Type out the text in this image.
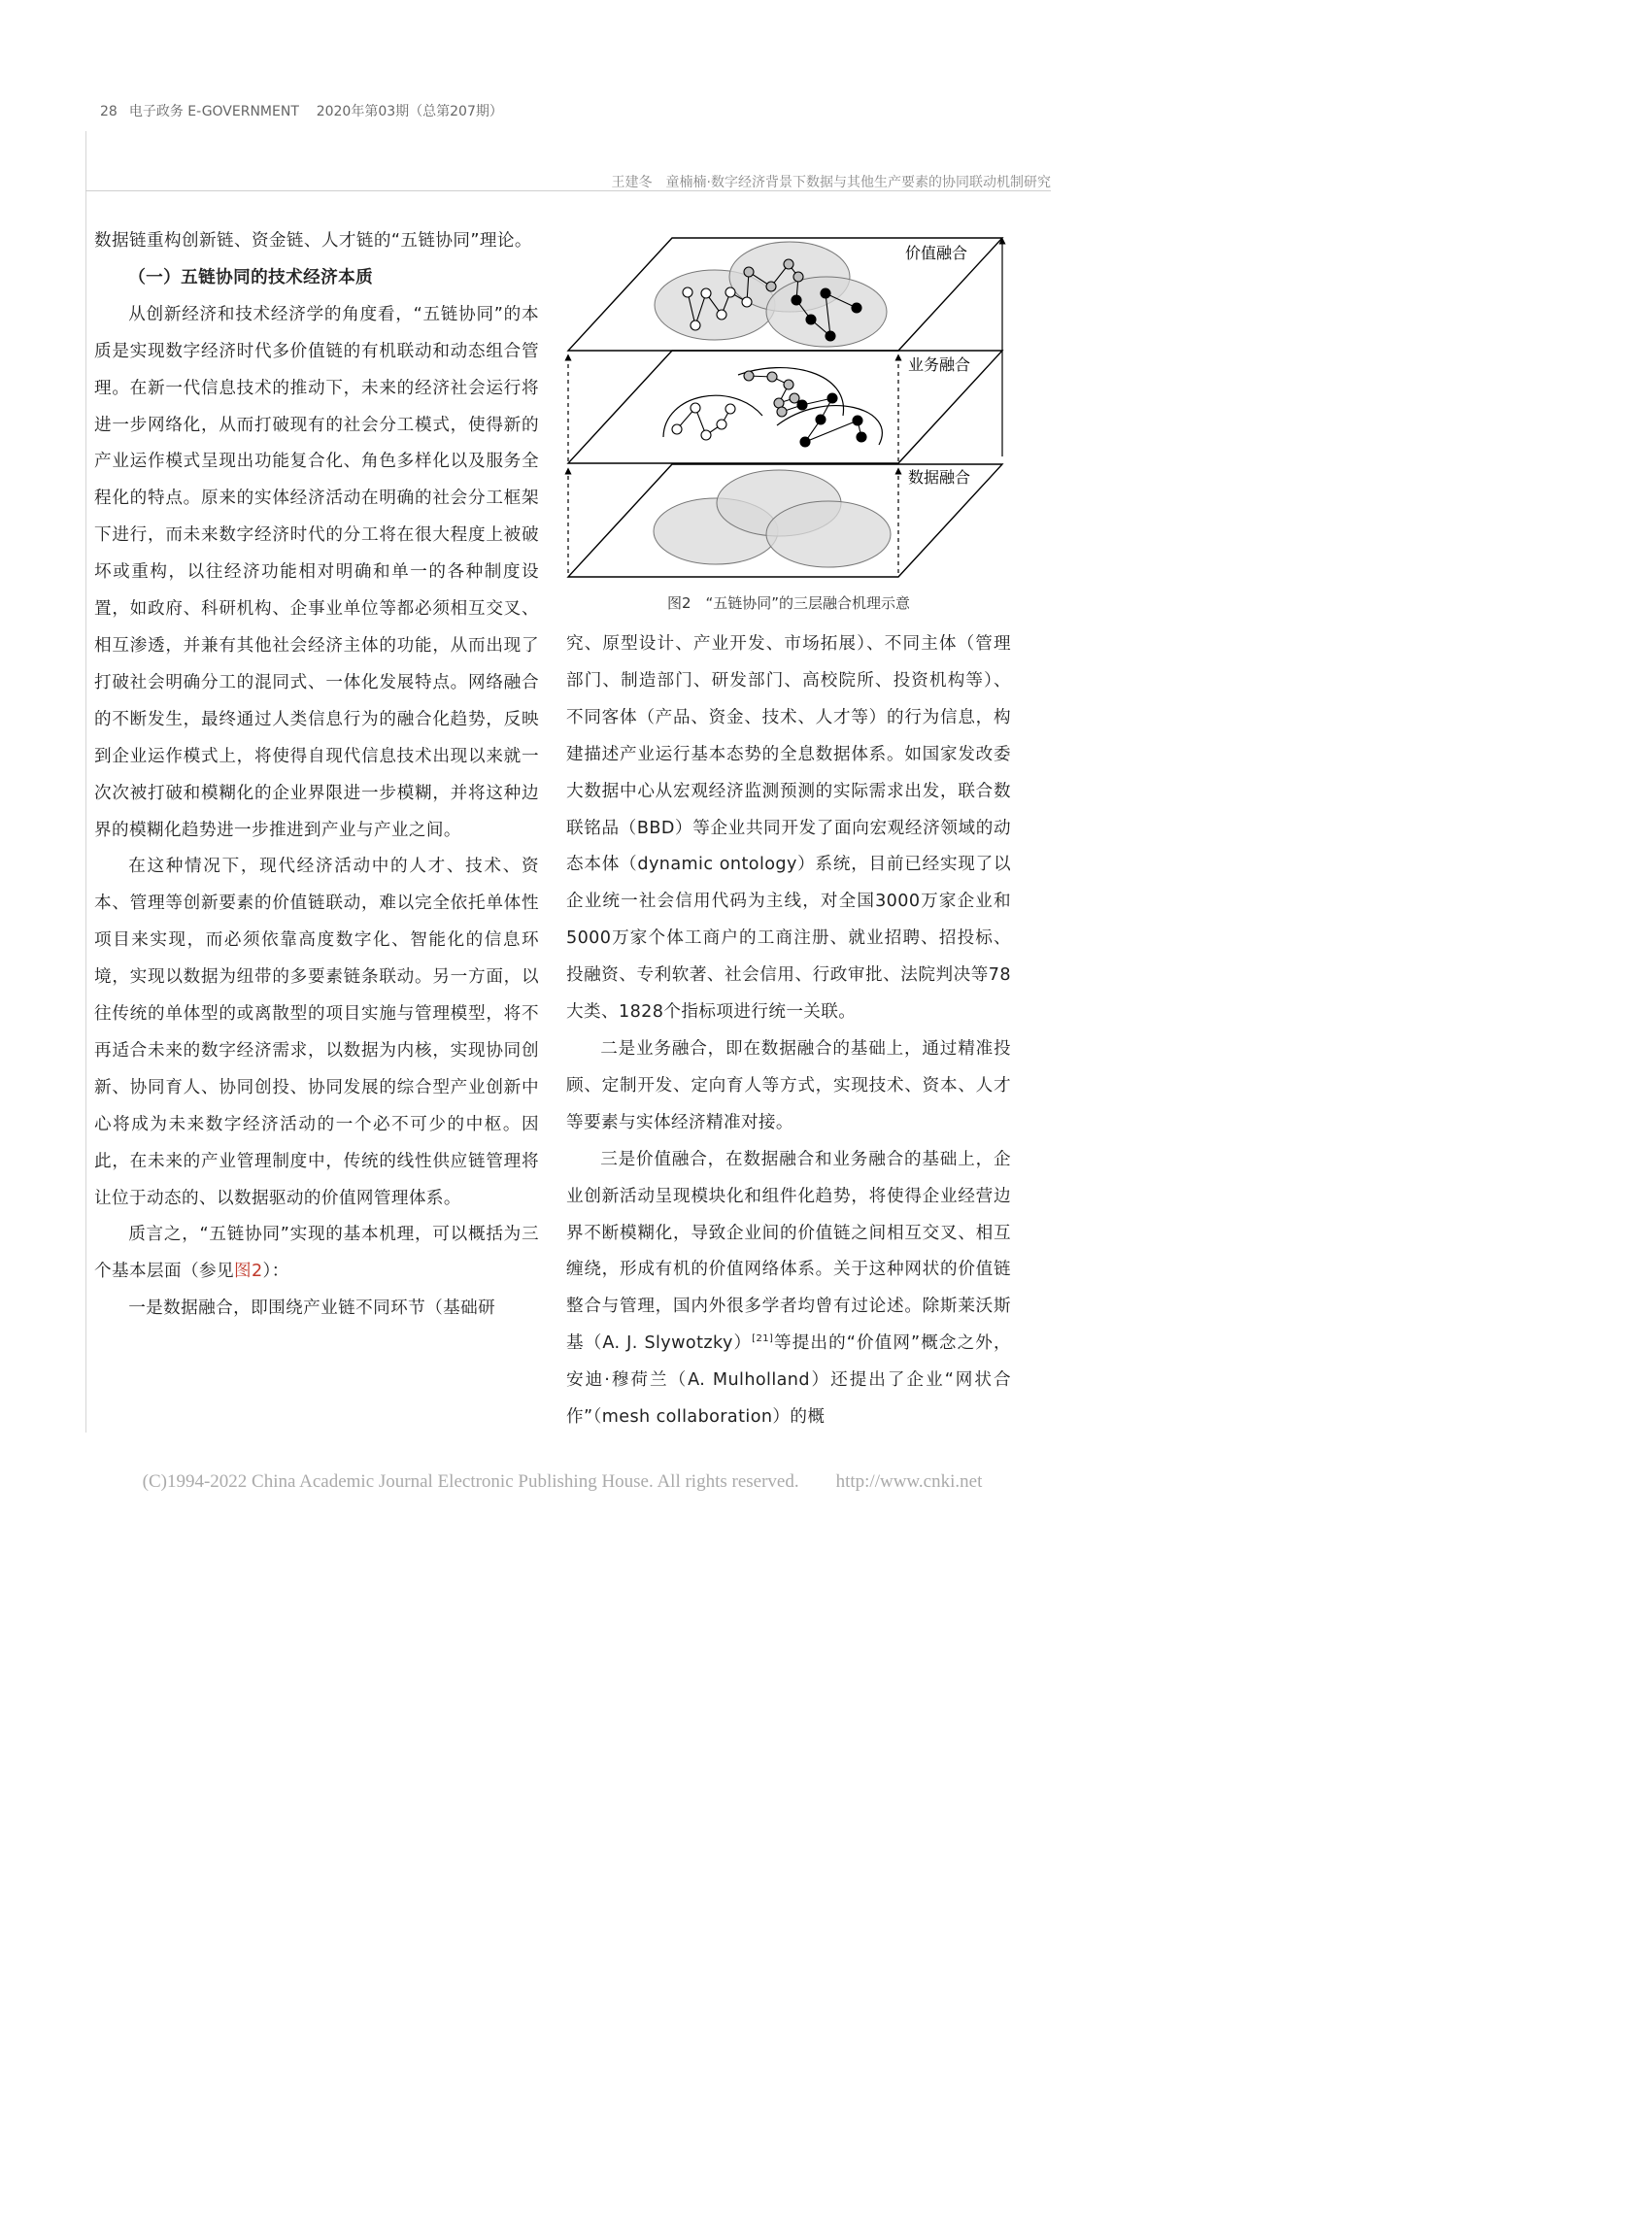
28 电子政务 E-GOVERNMENT 2020年第03期（总第207期）
王建冬　童楠楠·数字经济背景下数据与其他生产要素的协同联动机制研究

数据链重构创新链、资金链、人才链的“五链协同”理论。

（一）五链协同的技术经济本质

从创新经济和技术经济学的角度看，“五链协同”的本质是实现数字经济时代多价值链的有机联动和动态组合管理。在新一代信息技术的推动下，未来的经济社会运行将进一步网络化，从而打破现有的社会分工模式，使得新的产业运作模式呈现出功能复合化、角色多样化以及服务全程化的特点。原来的实体经济活动在明确的社会分工框架下进行，而未来数字经济时代的分工将在很大程度上被破坏或重构，以往经济功能相对明确和单一的各种制度设置，如政府、科研机构、企事业单位等都必须相互交叉、相互渗透，并兼有其他社会经济主体的功能，从而出现了打破社会明确分工的混同式、一体化发展特点。网络融合的不断发生，最终通过人类信息行为的融合化趋势，反映到企业运作模式上，将使得自现代信息技术出现以来就一次次被打破和模糊化的企业界限进一步模糊，并将这种边界的模糊化趋势进一步推进到产业与产业之间。

在这种情况下，现代经济活动中的人才、技术、资本、管理等创新要素的价值链联动，难以完全依托单体性项目来实现，而必须依靠高度数字化、智能化的信息环境，实现以数据为纽带的多要素链条联动。另一方面，以往传统的单体型的或离散型的项目实施与管理模型，将不再适合未来的数字经济需求，以数据为内核，实现协同创新、协同育人、协同创投、协同发展的综合型产业创新中心将成为未来数字经济活动的一个必不可少的中枢。因此，在未来的产业管理制度中，传统的线性供应链管理将让位于动态的、以数据驱动的价值网管理体系。

质言之，“五链协同”实现的基本机理，可以概括为三个基本层面（参见图2）：

一是数据融合，即围绕产业链不同环节（基础研

价值融合
业务融合
数据融合
图2　“五链协同”的三层融合机理示意

究、原型设计、产业开发、市场拓展）、不同主体（管理部门、制造部门、研发部门、高校院所、投资机构等）、不同客体（产品、资金、技术、人才等）的行为信息，构建描述产业运行基本态势的全息数据体系。如国家发改委大数据中心从宏观经济监测预测的实际需求出发，联合数联铭品（BBD）等企业共同开发了面向宏观经济领域的动态本体（dynamic ontology）系统，目前已经实现了以企业统一社会信用代码为主线，对全国3000万家企业和5000万家个体工商户的工商注册、就业招聘、招投标、投融资、专利软著、社会信用、行政审批、法院判决等78大类、1828个指标项进行统一关联。

二是业务融合，即在数据融合的基础上，通过精准投顾、定制开发、定向育人等方式，实现技术、资本、人才等要素与实体经济精准对接。

三是价值融合，在数据融合和业务融合的基础上，企业创新活动呈现模块化和组件化趋势，将使得企业经营边界不断模糊化，导致企业间的价值链之间相互交叉、相互缠绕，形成有机的价值网络体系。关于这种网状的价值链整合与管理，国内外很多学者均曾有过论述。除斯莱沃斯基（A. J. Slywotzky）[21]等提出的“价值网”概念之外，安迪·穆荷兰（A. Mulholland）还提出了企业“网状合作”（mesh collaboration）的概

(C)1994-2022 China Academic Journal Electronic Publishing House. All rights reserved.　　http://www.cnki.net
